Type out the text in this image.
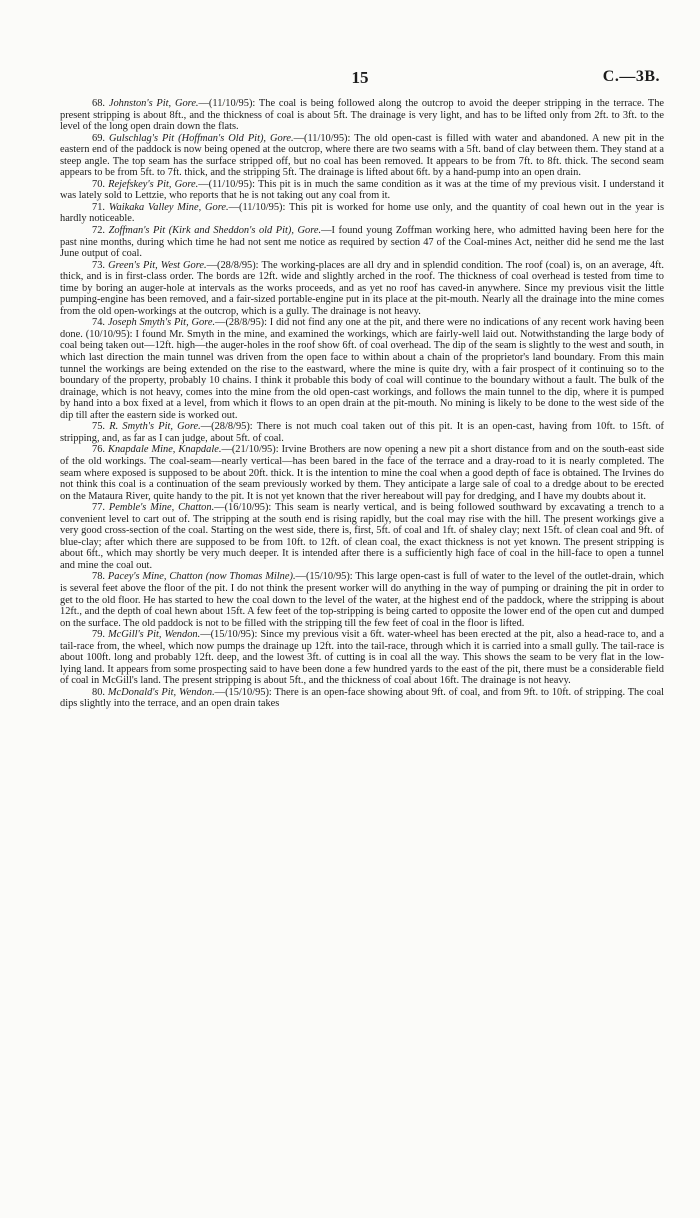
15	C.—3B.

68. Johnston's Pit, Gore.—(11/10/95): The coal is being followed along the outcrop to avoid the deeper stripping in the terrace. The present stripping is about 8ft., and the thickness of coal is about 5ft. The drainage is very light, and has to be lifted only from 2ft. to 3ft. to the level of the long open drain down the flats.

69. Gulschlag's Pit (Hoffman's Old Pit), Gore.—(11/10/95): The old open-cast is filled with water and abandoned. A new pit in the eastern end of the paddock is now being opened at the outcrop, where there are two seams with a 5ft. band of clay between them. They stand at a steep angle. The top seam has the surface stripped off, but no coal has been removed. It appears to be from 7ft. to 8ft. thick. The second seam appears to be from 5ft. to 7ft. thick, and the stripping 5ft. The drainage is lifted about 6ft. by a hand-pump into an open drain.

70. Rejefskey's Pit, Gore.—(11/10/95): This pit is in much the same condition as it was at the time of my previous visit. I understand it was lately sold to Lettzie, who reports that he is not taking out any coal from it.

71. Waikaka Valley Mine, Gore.—(11/10/95): This pit is worked for home use only, and the quantity of coal hewn out in the year is hardly noticeable.

72. Zoffman's Pit (Kirk and Sheddon's old Pit), Gore.—I found young Zoffman working here, who admitted having been here for the past nine months, during which time he had not sent me notice as required by section 47 of the Coal-mines Act, neither did he send me the last June output of coal.

73. Green's Pit, West Gore.—(28/8/95): The working-places are all dry and in splendid condition. The roof (coal) is, on an average, 4ft. thick, and is in first-class order. The bords are 12ft. wide and slightly arched in the roof. The thickness of coal overhead is tested from time to time by boring an auger-hole at intervals as the works proceeds, and as yet no roof has caved-in anywhere. Since my previous visit the little pumping-engine has been removed, and a fair-sized portable-engine put in its place at the pit-mouth. Nearly all the drainage into the mine comes from the old open-workings at the outcrop, which is a gully. The drainage is not heavy.

74. Joseph Smyth's Pit, Gore.—(28/8/95): I did not find any one at the pit, and there were no indications of any recent work having been done. (10/10/95): I found Mr. Smyth in the mine, and examined the workings, which are fairly-well laid out. Notwithstanding the large body of coal being taken out—12ft. high—the auger-holes in the roof show 6ft. of coal overhead. The dip of the seam is slightly to the west and south, in which last direction the main tunnel was driven from the open face to within about a chain of the proprietor's land boundary. From this main tunnel the workings are being extended on the rise to the eastward, where the mine is quite dry, with a fair prospect of it continuing so to the boundary of the property, probably 10 chains. I think it probable this body of coal will continue to the boundary without a fault. The bulk of the drainage, which is not heavy, comes into the mine from the old open-cast workings, and follows the main tunnel to the dip, where it is pumped by hand into a box fixed at a level, from which it flows to an open drain at the pit-mouth. No mining is likely to be done to the west side of the dip till after the eastern side is worked out.

75. R. Smyth's Pit, Gore.—(28/8/95): There is not much coal taken out of this pit. It is an open-cast, having from 10ft. to 15ft. of stripping, and, as far as I can judge, about 5ft. of coal.

76. Knapdale Mine, Knapdale.—(21/10/95): Irvine Brothers are now opening a new pit a short distance from and on the south-east side of the old workings. The coal-seam—nearly vertical—has been bared in the face of the terrace and a dray-road to it is nearly completed. The seam where exposed is supposed to be about 20ft. thick. It is the intention to mine the coal when a good depth of face is obtained. The Irvines do not think this coal is a continuation of the seam previously worked by them. They anticipate a large sale of coal to a dredge about to be erected on the Mataura River, quite handy to the pit. It is not yet known that the river hereabout will pay for dredging, and I have my doubts about it.

77. Pemble's Mine, Chatton.—(16/10/95): This seam is nearly vertical, and is being followed southward by excavating a trench to a convenient level to cart out of. The stripping at the south end is rising rapidly, but the coal may rise with the hill. The present workings give a very good cross-section of the coal. Starting on the west side, there is, first, 5ft. of coal and 1ft. of shaley clay; next 15ft. of clean coal and 9ft. of blue-clay; after which there are supposed to be from 10ft. to 12ft. of clean coal, the exact thickness is not yet known. The present stripping is about 6ft., which may shortly be very much deeper. It is intended after there is a sufficiently high face of coal in the hill-face to open a tunnel and mine the coal out.

78. Pacey's Mine, Chatton (now Thomas Milne).—(15/10/95): This large open-cast is full of water to the level of the outlet-drain, which is several feet above the floor of the pit. I do not think the present worker will do anything in the way of pumping or draining the pit in order to get to the old floor. He has started to hew the coal down to the level of the water, at the highest end of the paddock, where the stripping is about 12ft., and the depth of coal hewn about 15ft. A few feet of the top-stripping is being carted to opposite the lower end of the open cut and dumped on the surface. The old paddock is not to be filled with the stripping till the few feet of coal in the floor is lifted.

79. McGill's Pit, Wendon.—(15/10/95): Since my previous visit a 6ft. water-wheel has been erected at the pit, also a head-race to, and a tail-race from, the wheel, which now pumps the drainage up 12ft. into the tail-race, through which it is carried into a small gully. The tail-race is about 100ft. long and probably 12ft. deep, and the lowest 3ft. of cutting is in coal all the way. This shows the seam to be very flat in the low-lying land. It appears from some prospecting said to have been done a few hundred yards to the east of the pit, there must be a considerable field of coal in McGill's land. The present stripping is about 5ft., and the thickness of coal about 16ft. The drainage is not heavy.

80. McDonald's Pit, Wendon.—(15/10/95): There is an open-face showing about 9ft. of coal, and from 9ft. to 10ft. of stripping. The coal dips slightly into the terrace, and an open drain takes
